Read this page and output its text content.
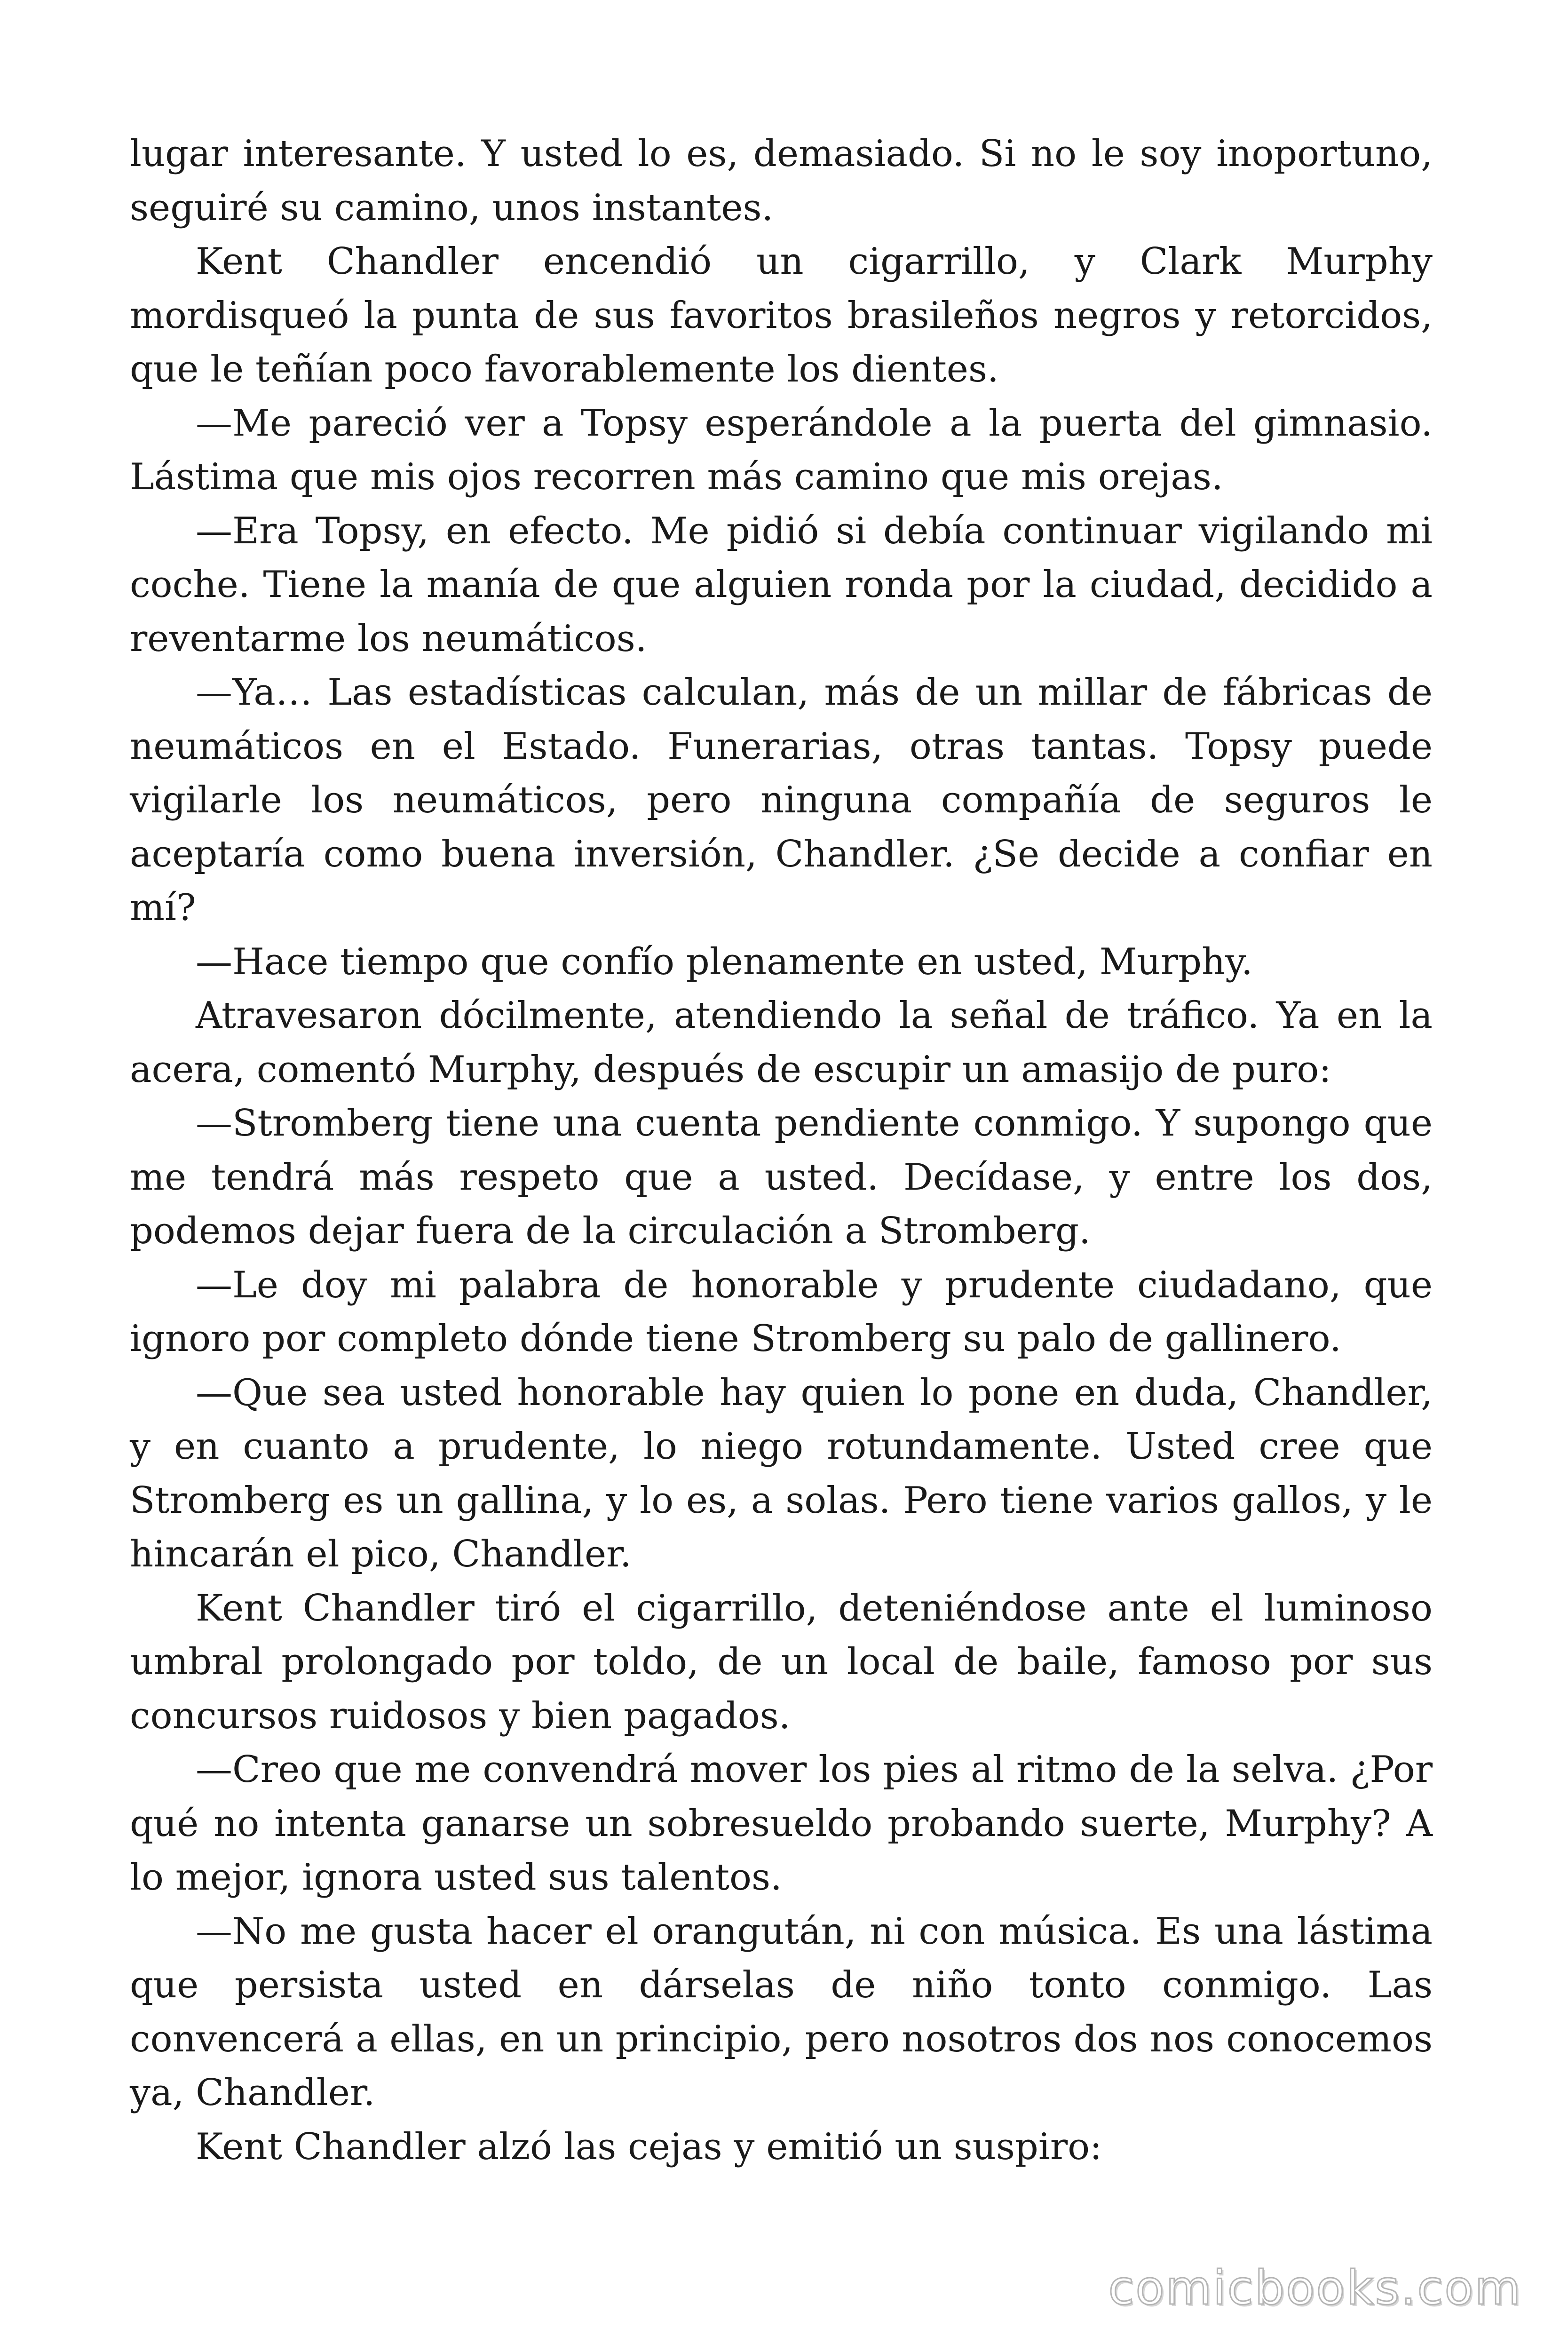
lugar interesante. Y usted lo es, demasiado. Si no le soy inoportuno, seguiré su camino, unos instantes.

Kent Chandler encendió un cigarrillo, y Clark Murphy mordisqueó la punta de sus favoritos brasileños negros y retorcidos, que le teñían poco favorablemente los dientes.

—Me pareció ver a Topsy esperándole a la puerta del gimnasio. Lástima que mis ojos recorren más camino que mis orejas.

—Era Topsy, en efecto. Me pidió si debía continuar vigilando mi coche. Tiene la manía de que alguien ronda por la ciudad, decidido a reventarme los neumáticos.

—Ya… Las estadísticas calculan, más de un millar de fábricas de neumáticos en el Estado. Funerarias, otras tantas. Topsy puede vigilarle los neumáticos, pero ninguna compañía de seguros le aceptaría como buena inversión, Chandler. ¿Se decide a confiar en mí?

—Hace tiempo que confío plenamente en usted, Murphy.

Atravesaron dócilmente, atendiendo la señal de tráfico. Ya en la acera, comentó Murphy, después de escupir un amasijo de puro:

—Stromberg tiene una cuenta pendiente conmigo. Y supongo que me tendrá más respeto que a usted. Decídase, y entre los dos, podemos dejar fuera de la circulación a Stromberg.

—Le doy mi palabra de honorable y prudente ciudadano, que ignoro por completo dónde tiene Stromberg su palo de gallinero.

—Que sea usted honorable hay quien lo pone en duda, Chandler, y en cuanto a prudente, lo niego rotundamente. Usted cree que Stromberg es un gallina, y lo es, a solas. Pero tiene varios gallos, y le hincarán el pico, Chandler.

Kent Chandler tiró el cigarrillo, deteniéndose ante el luminoso umbral prolongado por toldo, de un local de baile, famoso por sus concursos ruidosos y bien pagados.

—Creo que me convendrá mover los pies al ritmo de la selva. ¿Por qué no intenta ganarse un sobresueldo probando suerte, Murphy? A lo mejor, ignora usted sus talentos.

—No me gusta hacer el orangután, ni con música. Es una lástima que persista usted en dárselas de niño tonto conmigo. Las convencerá a ellas, en un principio, pero nosotros dos nos conocemos ya, Chandler.

Kent Chandler alzó las cejas y emitió un suspiro:

comicbooks.com
